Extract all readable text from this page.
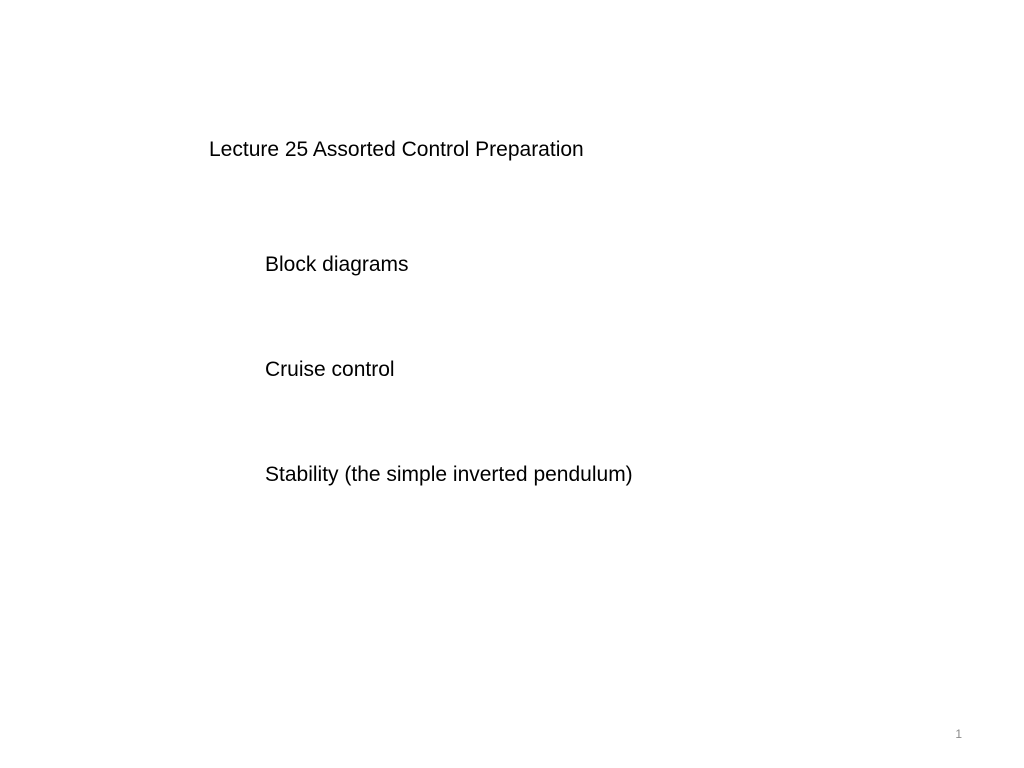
Lecture 25 Assorted Control Preparation
Block diagrams
Cruise control
Stability (the simple inverted pendulum)
1
